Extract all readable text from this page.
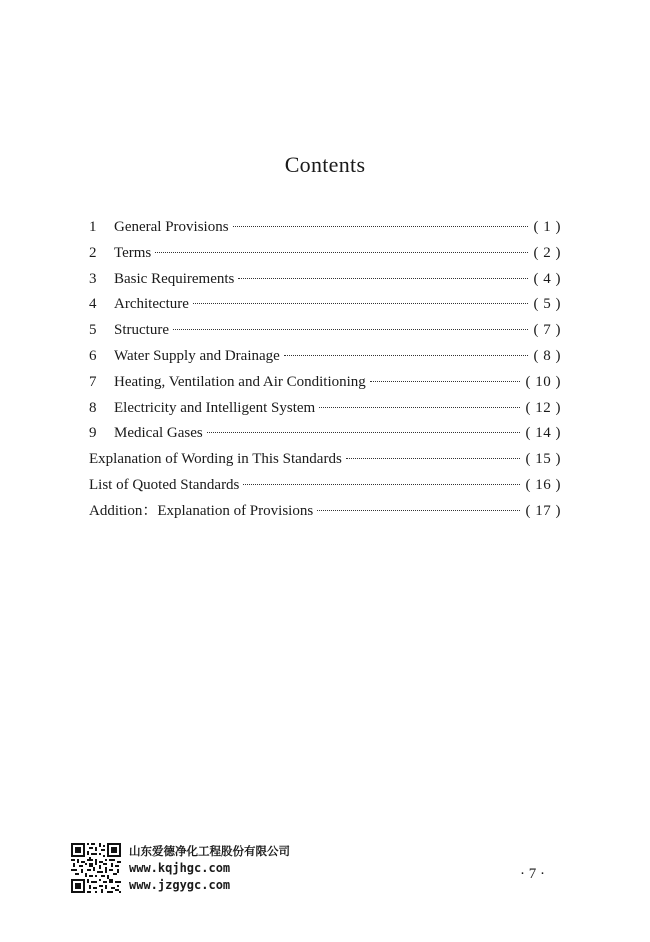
Contents
1	General Provisions	( 1 )
2	Terms	( 2 )
3	Basic Requirements	( 4 )
4	Architecture	( 5 )
5	Structure	( 7 )
6	Water Supply and Drainage	( 8 )
7	Heating, Ventilation and Air Conditioning	( 10 )
8	Electricity and Intelligent System	( 12 )
9	Medical Gases	( 14 )
Explanation of Wording in This Standards	( 15 )
List of Quoted Standards	( 16 )
Addition：Explanation of Provisions	( 17 )
山东爱德净化工程股份有限公司
www.kqjhgc.com
www.jzgygc.com
· 7 ·
